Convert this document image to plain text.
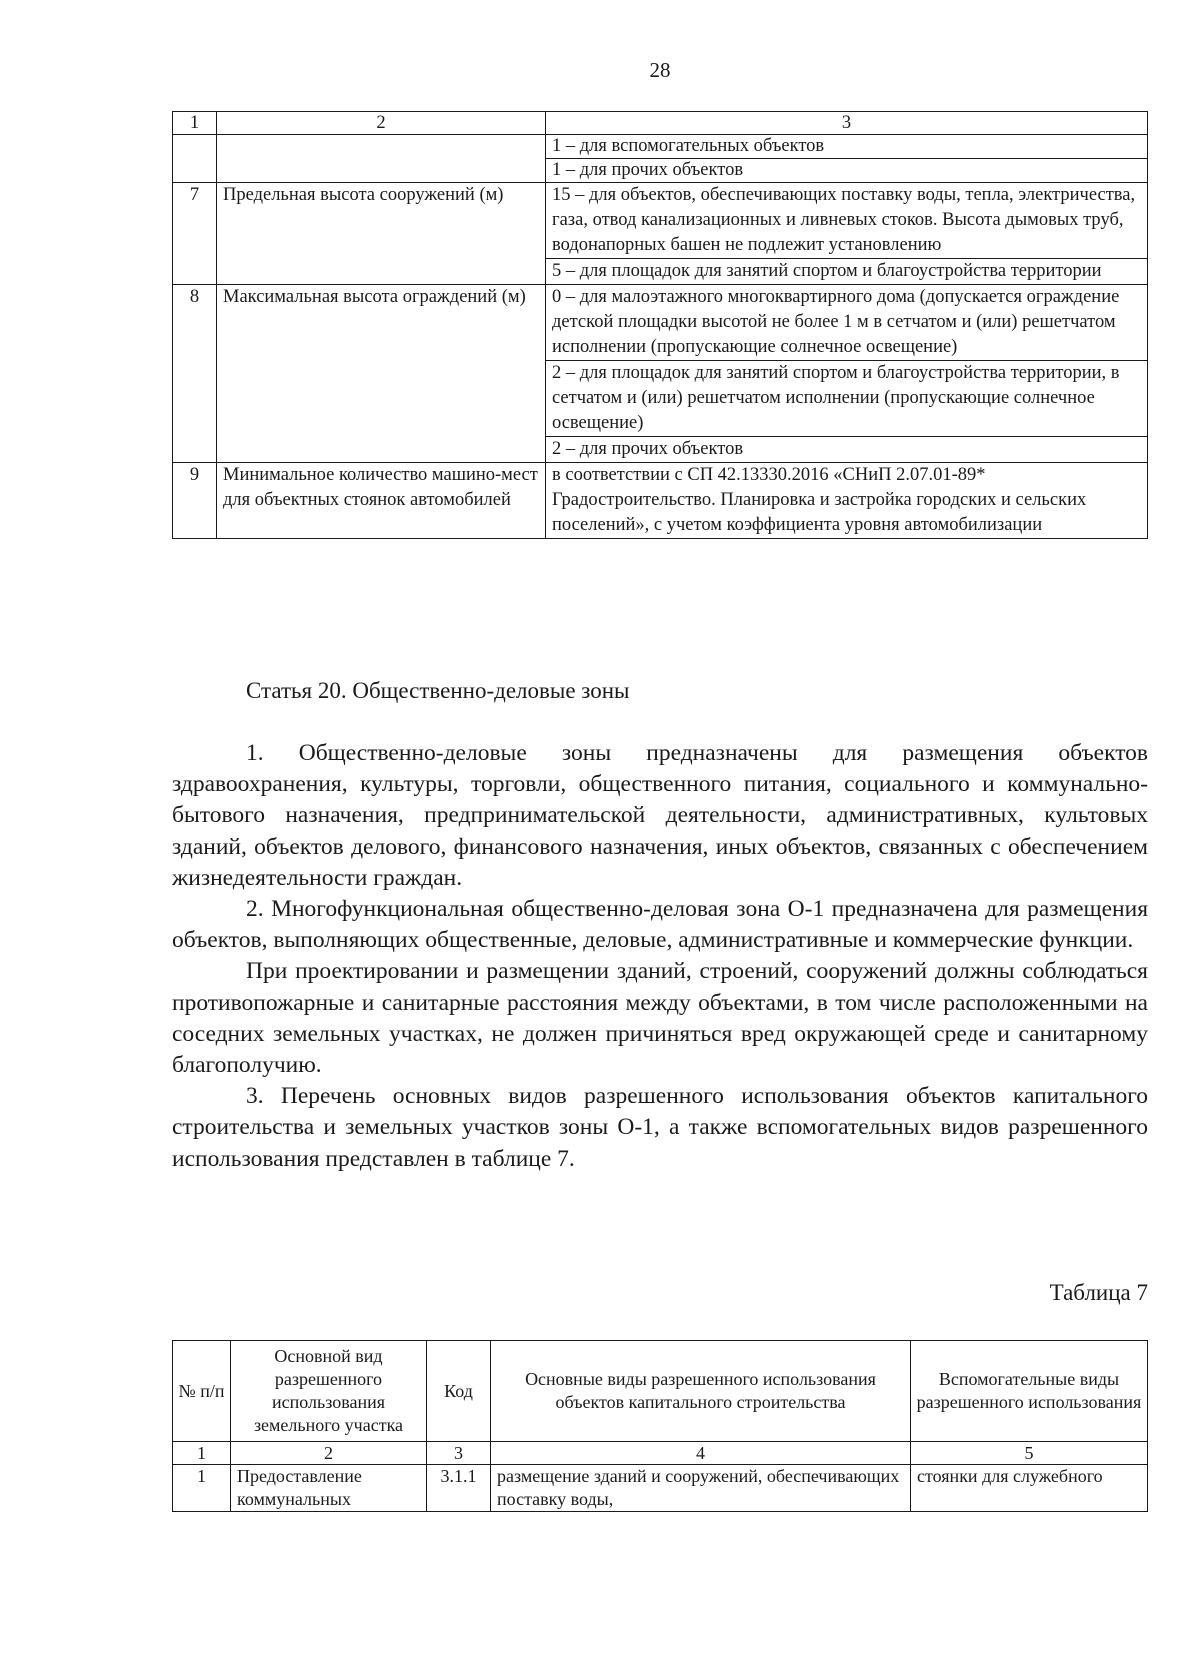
28
1	2	3
		1 – для вспомогательных объектов
		1 – для прочих объектов
7	Предельная высота сооружений (м)	15 – для объектов, обеспечивающих поставку воды, тепла, электричества, газа, отвод канализационных и ливневых стоков. Высота дымовых труб, водонапорных башен не подлежит установлению
		5 – для площадок для занятий спортом и благоустройства территории
8	Максимальная высота ограждений (м)	0 – для малоэтажного многоквартирного дома (допускается ограждение детской площадки высотой не более 1 м в сетчатом и (или) решетчатом исполнении (пропускающие солнечное освещение)
		2 – для площадок для занятий спортом и благоустройства территории, в сетчатом и (или) решетчатом исполнении (пропускающие солнечное освещение)
		2 – для прочих объектов
9	Минимальное количество машино-мест для объектных стоянок автомобилей	в соответствии с СП 42.13330.2016 «СНиП 2.07.01-89* Градостроительство. Планировка и застройка городских и сельских поселений», с учетом коэффициента уровня автомобилизации
Статья 20. Общественно-деловые зоны

1. Общественно-деловые зоны предназначены для размещения объектов здравоохранения, культуры, торговли, общественного питания, социального и коммунально-бытового назначения, предпринимательской деятельности, административных, культовых зданий, объектов делового, финансового назначения, иных объектов, связанных с обеспечением жизнедеятельности граждан.

2. Многофункциональная общественно-деловая зона О-1 предназначена для размещения объектов, выполняющих общественные, деловые, административные и коммерческие функции.

При проектировании и размещении зданий, строений, сооружений должны соблюдаться противопожарные и санитарные расстояния между объектами, в том числе расположенными на соседних земельных участках, не должен причиняться вред окружающей среде и санитарному благополучию.

3. Перечень основных видов разрешенного использования объектов капитального строительства и земельных участков зоны О-1, а также вспомогательных видов разрешенного использования представлен в таблице 7.

Таблица 7
№ п/п	Основной вид разрешенного использования земельного участка	Код	Основные виды разрешенного использования объектов капитального строительства	Вспомогательные виды разрешенного использования
1	2	3	4	5
1	Предоставление коммунальных	3.1.1	размещение зданий и сооружений, обеспечивающих поставку воды,	стоянки для служебного
